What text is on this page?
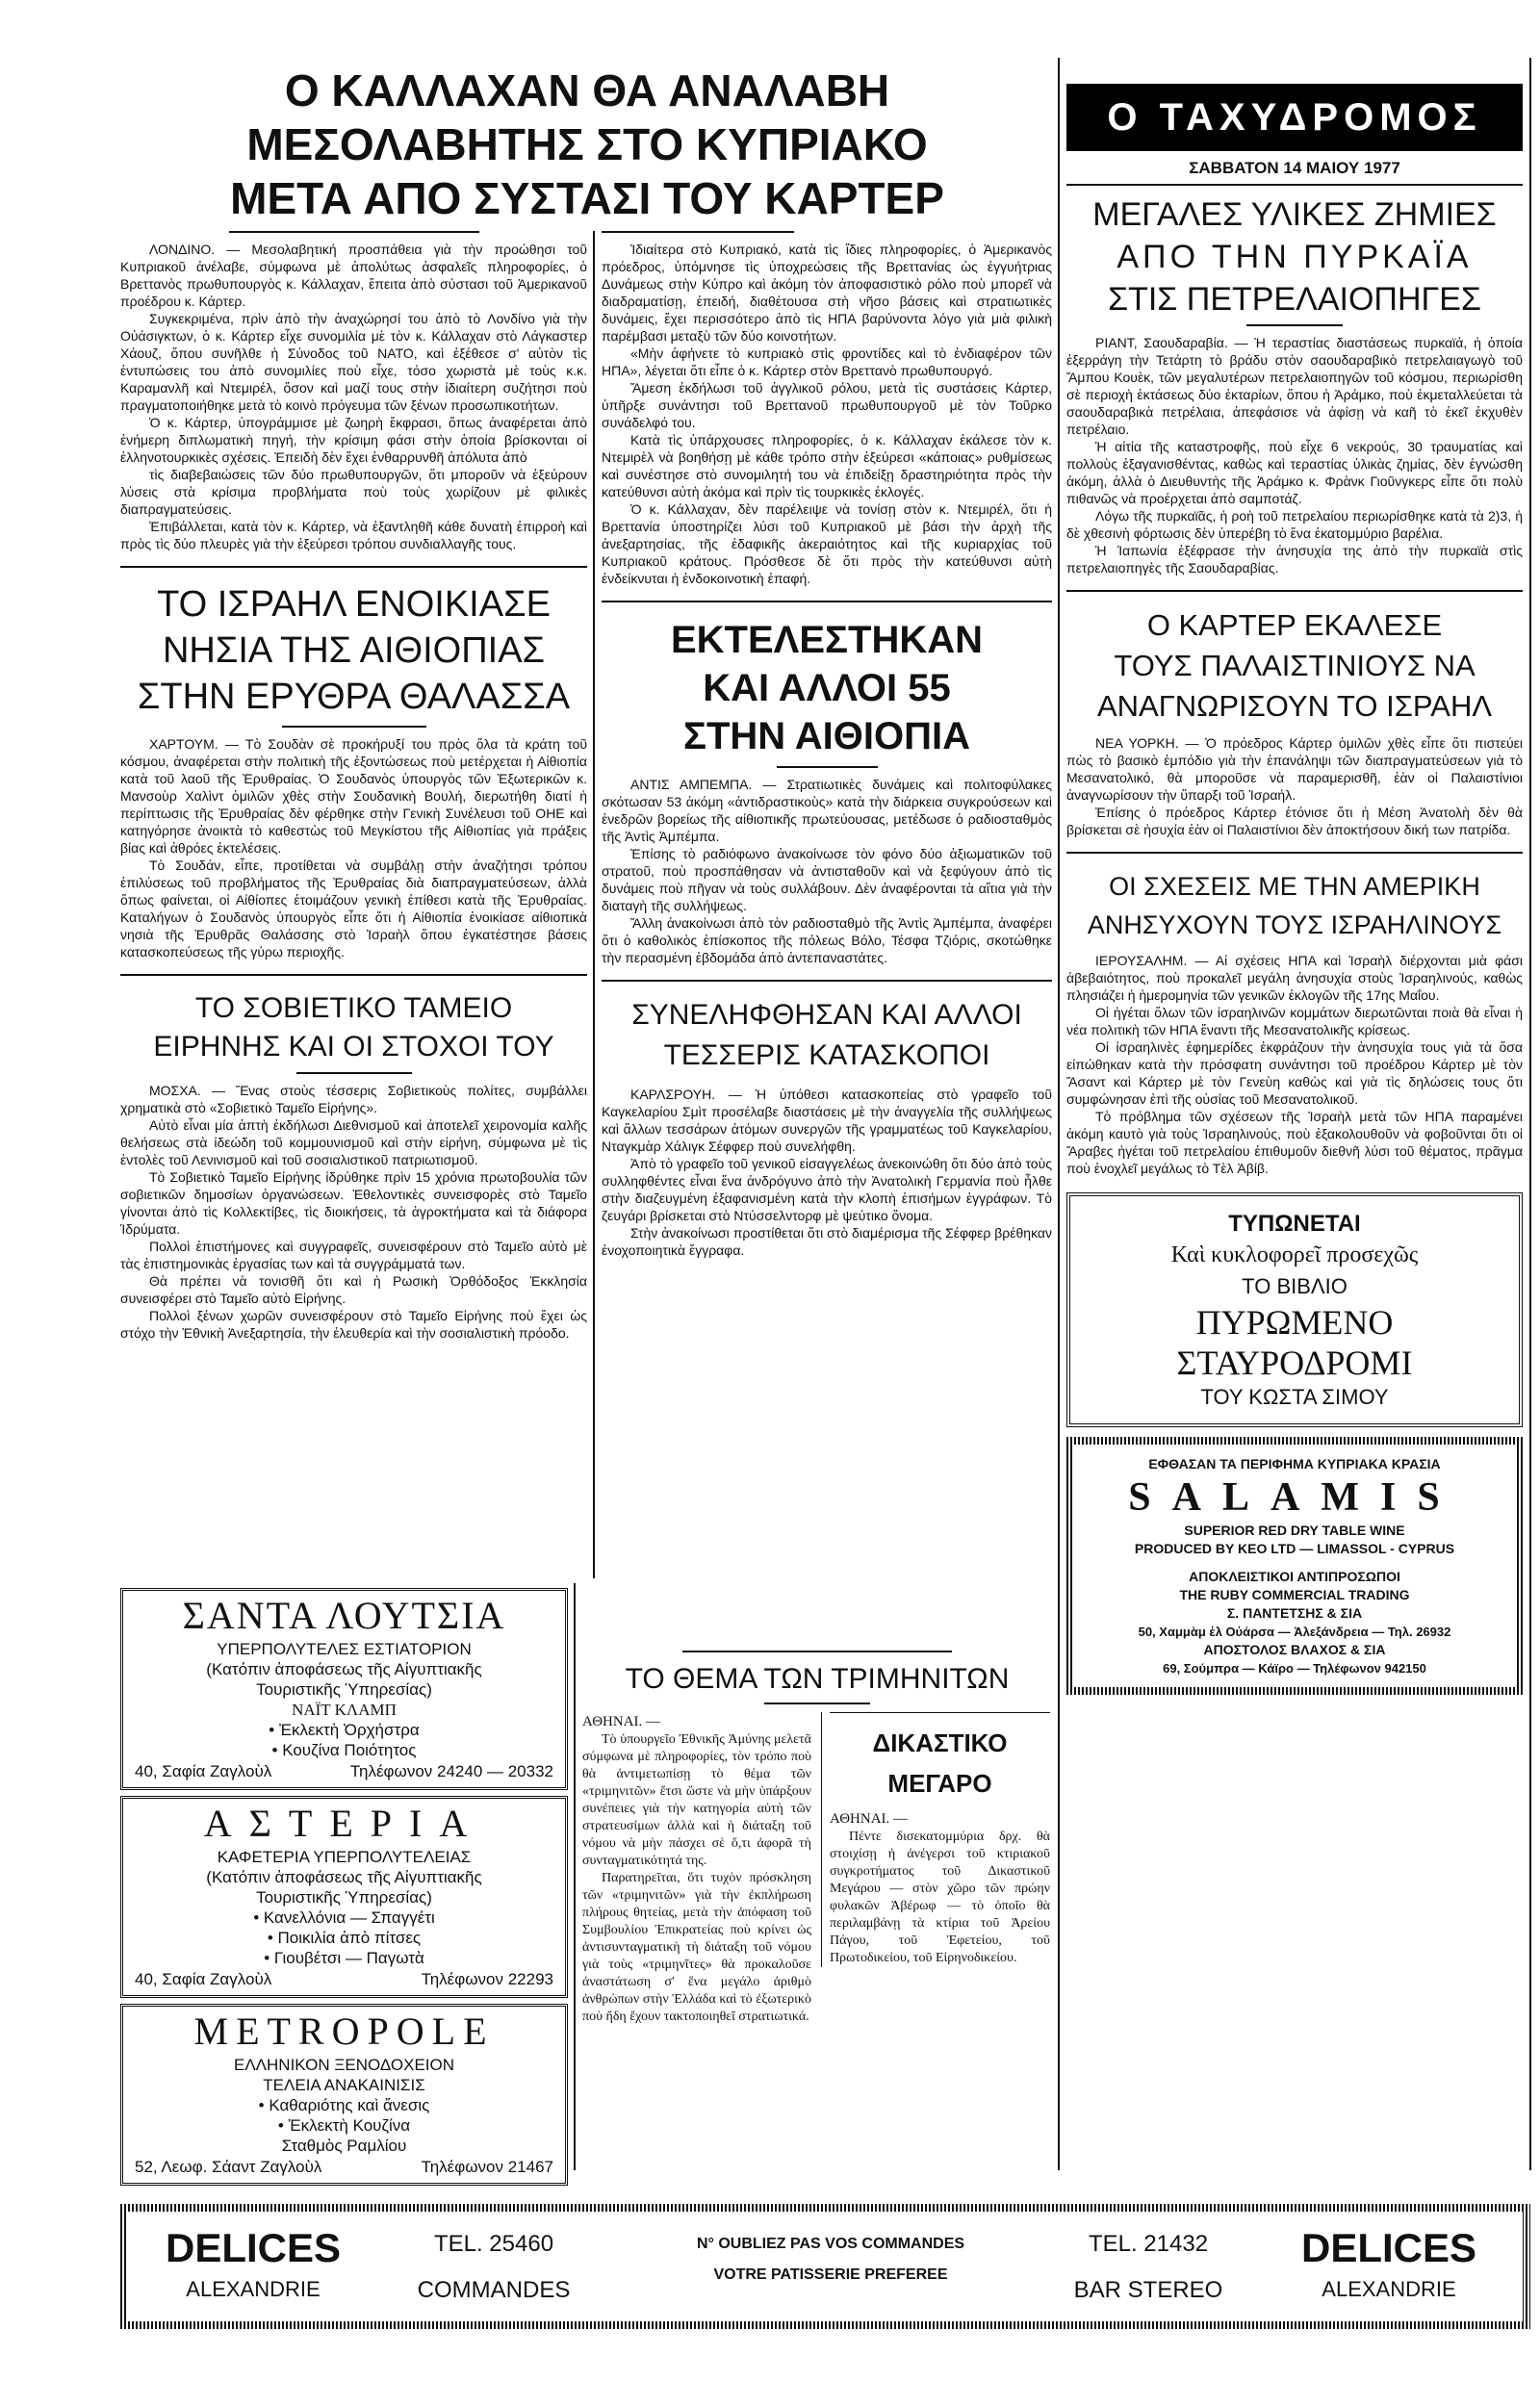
Ο ΚΑΛΛΑΧΑΝ ΘΑ ΑΝΑΛΑΒΗ
ΜΕΣΟΛΑΒΗΤΗΣ ΣΤΟ ΚΥΠΡΙΑΚΟ
ΜΕΤΑ ΑΠΟ ΣΥΣΤΑΣΙ ΤΟΥ ΚΑΡΤΕΡ

ΛΟΝΔΙΝΟ. — Μεσολαβητική προσπάθεια γιὰ τὴν προώθησι τοῦ Κυπριακοῦ ἀνέλαβε, σύμφωνα μὲ ἀπολύτως ἀσφαλεῖς πληροφορίες, ὁ Βρεττανὸς πρωθυπουργὸς κ. Κάλλαχαν, ἔπειτα ἀπὸ σύστασι τοῦ Ἀμερικανοῦ προέδρου κ. Κάρτερ.

Συγκεκριμένα, πρὶν ἀπὸ τὴν ἀναχώρησί του ἀπὸ τὸ Λονδίνο γιὰ τὴν Οὐάσιγκτων, ὁ κ. Κάρτερ εἶχε συνομιλία μὲ τὸν κ. Κάλλαχαν στὸ Λάγκαστερ Χάουζ, ὅπου συνῆλθε ἡ Σύνοδος τοῦ ΝΑΤΟ, καὶ ἐξέθεσε σ' αὐτὸν τὶς ἐντυπώσεις του ἀπὸ συνομιλίες ποὺ εἶχε, τόσο χωριστὰ μὲ τοὺς κ.κ. Καραμανλῆ καὶ Ντεμιρέλ, ὅσον καὶ μαζί τους στὴν ἰδιαίτερη συζήτησι ποὺ πραγματοποιήθηκε μετὰ τὸ κοινὸ πρόγευμα τῶν ξένων προσωπικοτήτων.

Ὁ κ. Κάρτερ, ὑπογράμμισε μὲ ζωηρὴ ἔκφρασι, ὅπως ἀναφέρεται ἀπὸ ἐνήμερη διπλωματικὴ πηγή, τὴν κρίσιμη φάσι στὴν ὁποία βρίσκονται οἱ ἑλληνοτουρκικὲς σχέσεις. Ἐπειδὴ δὲν ἔχει ἐνθαρρυνθῆ ἀπόλυτα ἀπὸ

τὶς διαβεβαιώσεις τῶν δύο πρωθυπουργῶν, ὅτι μποροῦν νὰ ἐξεύρουν λύσεις στὰ κρίσιμα προβλήματα ποὺ τοὺς χωρίζουν μὲ φιλικὲς διαπραγματεύσεις.

Ἐπιβάλλεται, κατὰ τὸν κ. Κάρτερ, νὰ ἐξαντληθῆ κάθε δυνατὴ ἐπιρροὴ καὶ πρὸς τὶς δύο πλευρὲς γιὰ τὴν ἐξεύρεσι τρόπου συνδιαλλαγῆς τους.

ΤΟ ΙΣΡΑΗΛ ΕΝΟΙΚΙΑΣΕ
ΝΗΣΙΑ ΤΗΣ ΑΙΘΙΟΠΙΑΣ
ΣΤΗΝ ΕΡΥΘΡΑ ΘΑΛΑΣΣΑ

ΧΑΡΤΟΥΜ. — Τὸ Σουδὰν σὲ προκήρυξί του πρὸς ὅλα τὰ κράτη τοῦ κόσμου, ἀναφέρεται στὴν πολιτικὴ τῆς ἐξοντώσεως ποὺ μετέρχεται ἡ Αἰθιοπία κατὰ τοῦ λαοῦ τῆς Ἐρυθραίας. Ὁ Σουδανὸς ὑπουργὸς τῶν Ἐξωτερικῶν κ. Μανσοὺρ Χαλὶντ ὁμιλῶν χθὲς στὴν Σουδανικὴ Βουλή, διερωτήθη διατί ἡ περίπτωσις τῆς Ἐρυθραίας δὲν φέρθηκε στὴν Γενικὴ Συνέλευσι τοῦ ΟΗΕ καὶ κατηγόρησε ἀνοικτὰ τὸ καθεστὼς τοῦ Μεγκίστου τῆς Αἰθιοπίας γιὰ πράξεις βίας καὶ ἀθρόες ἐκτελέσεις.

Τὸ Σουδάν, εἶπε, προτίθεται νὰ συμβάλῃ στὴν ἀναζήτησι τρόπου ἐπιλύσεως τοῦ προβλήματος τῆς Ἐρυθραίας διὰ διαπραγματεύσεων, ἀλλὰ ὅπως φαίνεται, οἱ Αἰθίοπες ἑτοιμάζουν γενικὴ ἐπίθεσι κατὰ τῆς Ἐρυθραίας. Καταλήγων ὁ Σουδανὸς ὑπουργὸς εἶπε ὅτι ἡ Αἰθιοπία ἐνοικίασε αἰθιοπικὰ νησιὰ τῆς Ἐρυθρᾶς Θαλάσσης στὸ Ἰσραὴλ ὅπου ἐγκατέστησε βάσεις κατασκοπεύσεως τῆς γύρω περιοχῆς.

ΤΟ ΣΟΒΙΕΤΙΚΟ ΤΑΜΕΙΟ
ΕΙΡΗΝΗΣ ΚΑΙ ΟΙ ΣΤΟΧΟΙ ΤΟΥ

ΜΟΣΧΑ. — Ἕνας στοὺς τέσσερις Σοβιετικοὺς πολίτες, συμβάλλει χρηματικὰ στὸ «Σοβιετικὸ Ταμεῖο Εἰρήνης».

Αὐτὸ εἶναι μία ἀπτὴ ἐκδήλωσι Διεθνισμοῦ καὶ ἀποτελεῖ χειρονομία καλῆς θελήσεως στὰ ἰδεώδη τοῦ κομμουνισμοῦ καὶ στὴν εἰρήνη, σύμφωνα μὲ τὶς ἐντολὲς τοῦ Λενινισμοῦ καὶ τοῦ σοσιαλιστικοῦ πατριωτισμοῦ.

Τὸ Σοβιετικὸ Ταμεῖο Εἰρήνης ἱδρύθηκε πρὶν 15 χρόνια πρωτοβουλία τῶν σοβιετικῶν δημοσίων ὀργανώσεων. Ἐθελοντικὲς συνεισφορὲς στὸ Ταμεῖο γίνονται ἀπὸ τὶς Κολλεκτίβες, τὶς διοικήσεις, τὰ ἀγροκτήματα καὶ τὰ διάφορα Ἱδρύματα.

Πολλοὶ ἐπιστήμονες καὶ συγγραφεῖς, συνεισφέρουν στὸ Ταμεῖο αὐτὸ μὲ τὰς ἐπιστημονικὰς ἐργασίας των καὶ τὰ συγγράμματά των.

Θὰ πρέπει νὰ τονισθῆ ὅτι καὶ ἡ Ρωσικὴ Ὀρθόδοξος Ἐκκλησία συνεισφέρει στὸ Ταμεῖο αὐτὸ Εἰρήνης.

Πολλοὶ ξένων χωρῶν συνεισφέρουν στὸ Ταμεῖο Εἰρήνης ποὺ ἔχει ὡς στόχο τὴν Ἐθνικὴ Ἀνεξαρτησία, τὴν ἐλευθερία καὶ τὴν σοσιαλιστικὴ πρόοδο.

ΣΑΝΤΑ ΛΟΥΤΣΙΑ
ΥΠΕΡΠΟΛΥΤΕΛΕΣ ΕΣΤΙΑΤΟΡΙΟΝ
(Κατόπιν ἀποφάσεως τῆς Αἰγυπτιακῆς
Τουριστικῆς Ὑπηρεσίας)
ΝΑΪΤ ΚΛΑΜΠ
• Ἐκλεκτὴ Ὀρχήστρα
• Κουζίνα Ποιότητος
40, Σαφία Ζαγλοὺλ	Τηλέφωνον 24240 — 20332
ΑΣΤΕΡΙΑ
ΚΑΦΕΤΕΡΙΑ ΥΠΕΡΠΟΛΥΤΕΛΕΙΑΣ
(Κατόπιν ἀποφάσεως τῆς Αἰγυπτιακῆς
Τουριστικῆς Ὑπηρεσίας)
• Κανελλόνια — Σπαγγέτι
• Ποικιλία ἀπὸ πίτσες
• Γιουβέτσι — Παγωτὰ
40, Σαφία Ζαγλοὺλ	Τηλέφωνον 22293
METROPOLE
ΕΛΛΗΝΙΚΟΝ ΞΕΝΟΔΟΧΕΙΟΝ
ΤΕΛΕΙΑ ΑΝΑΚΑΙΝΙΣΙΣ
• Καθαριότης καὶ ἄνεσις
• Ἐκλεκτὴ Κουζίνα
Σταθμὸς Ραμλίου
52, Λεωφ. Σάαντ Ζαγλοὺλ	Τηλέφωνον 21467

Ἰδιαίτερα στὸ Κυπριακό, κατὰ τὶς ἴδιες πληροφορίες, ὁ Ἀμερικανὸς πρόεδρος, ὑπόμνησε τὶς ὑποχρεώσεις τῆς Βρεττανίας ὡς ἐγγυήτριας Δυνάμεως στὴν Κύπρο καὶ ἀκόμη τὸν ἀποφασιστικὸ ρόλο ποὺ μπορεῖ νὰ διαδραματίσῃ, ἐπειδή, διαθέτουσα στὴ νῆσο βάσεις καὶ στρατιωτικὲς δυνάμεις, ἔχει περισσότερο ἀπὸ τὶς ΗΠΑ βαρύνοντα λόγο γιὰ μιὰ φιλικὴ παρέμβασι μεταξὺ τῶν δύο κοινοτήτων.

«Μὴν ἀφήνετε τὸ κυπριακὸ στὶς φροντίδες καὶ τὸ ἐνδιαφέρον τῶν ΗΠΑ», λέγεται ὅτι εἶπε ὁ κ. Κάρτερ στὸν Βρεττανὸ πρωθυπουργό.

Ἄμεση ἐκδήλωσι τοῦ ἀγγλικοῦ ρόλου, μετὰ τὶς συστάσεις Κάρτερ, ὑπῆρξε συνάντησι τοῦ Βρεττανοῦ πρωθυπουργοῦ μὲ τὸν Τοῦρκο συνάδελφό του.

Κατὰ τὶς ὑπάρχουσες πληροφορίες, ὁ κ. Κάλλαχαν ἐκάλεσε τὸν κ. Ντεμιρὲλ νὰ βοηθήσῃ μὲ κάθε τρόπο στὴν ἐξεύρεσι «κάποιας» ρυθμίσεως καὶ συνέστησε στὸ συνομιλητή του νὰ ἐπιδείξῃ δραστηριότητα πρὸς τὴν κατεύθυνσι αὐτὴ ἀκόμα καὶ πρὶν τὶς τουρκικὲς ἐκλογές.

Ὁ κ. Κάλλαχαν, δὲν παρέλειψε νὰ τονίσῃ στὸν κ. Ντεμιρέλ, ὅτι ἡ Βρεττανία ὑποστηρίζει λύσι τοῦ Κυπριακοῦ μὲ βάσι τὴν ἀρχὴ τῆς ἀνεξαρτησίας, τῆς ἐδαφικῆς ἀκεραιότητος καὶ τῆς κυριαρχίας τοῦ Κυπριακοῦ κράτους. Πρόσθεσε δὲ ὅτι πρὸς τὴν κατεύθυνσι αὐτὴ ἐνδείκνυται ἡ ἐνδοκοινοτικὴ ἐπαφή.

ΕΚΤΕΛΕΣΤΗΚΑΝ
ΚΑΙ ΑΛΛΟΙ 55
ΣΤΗΝ ΑΙΘΙΟΠΙΑ

ΑΝΤΙΣ ΑΜΠΕΜΠΑ. — Στρατιωτικὲς δυνάμεις καὶ πολιτοφύλακες σκότωσαν 53 ἀκόμη «ἀντιδραστικοὺς» κατὰ τὴν διάρκεια συγκρούσεων καὶ ἐνεδρῶν βορείως τῆς αἰθιοπικῆς πρωτεύουσας, μετέδωσε ὁ ραδιοσταθμὸς τῆς Ἀντὶς Ἀμπέμπα.

Ἐπίσης τὸ ραδιόφωνο ἀνακοίνωσε τὸν φόνο δύο ἀξιωματικῶν τοῦ στρατοῦ, ποὺ προσπάθησαν νὰ ἀντισταθοῦν καὶ νὰ ξεφύγουν ἀπὸ τὶς δυνάμεις ποὺ πῆγαν νὰ τοὺς συλλάβουν. Δὲν ἀναφέρονται τὰ αἴτια γιὰ τὴν διαταγὴ τῆς συλλήψεως.

Ἄλλη ἀνακοίνωσι ἀπὸ τὸν ραδιοσταθμὸ τῆς Ἀντὶς Ἀμπέμπα, ἀναφέρει ὅτι ὁ καθολικὸς ἐπίσκοπος τῆς πόλεως Βόλο, Τέσφα Τζιόρις, σκοτώθηκε τὴν περασμένη ἑβδομάδα ἀπὸ ἀντεπαναστάτες.

ΣΥΝΕΛΗΦΘΗΣΑΝ ΚΑΙ ΑΛΛΟΙ
ΤΕΣΣΕΡΙΣ ΚΑΤΑΣΚΟΠΟΙ

ΚΑΡΛΣΡΟΥΗ. — Ἡ ὑπόθεσι κατασκοπείας στὸ γραφεῖο τοῦ Καγκελαρίου Σμὶτ προσέλαβε διαστάσεις μὲ τὴν ἀναγγελία τῆς συλλήψεως καὶ ἄλλων τεσσάρων ἀτόμων συνεργῶν τῆς γραμματέως τοῦ Καγκελαρίου, Νταγκμὰρ Χάλιγκ Σέφφερ ποὺ συνελήφθη.

Ἀπὸ τὸ γραφεῖο τοῦ γενικοῦ εἰσαγγελέως ἀνεκοινώθη ὅτι δύο ἀπὸ τοὺς συλληφθέντες εἶναι ἕνα ἀνδρόγυνο ἀπὸ τὴν Ἀνατολικὴ Γερμανία ποὺ ἦλθε στὴν διαζευγμένη ἐξαφανισμένη κατὰ τὴν κλοπὴ ἐπισήμων ἐγγράφων. Τὸ ζευγάρι βρίσκεται στὸ Ντύσσελντορφ μὲ ψεύτικο ὄνομα.

Στὴν ἀνακοίνωσι προστίθεται ὅτι στὸ διαμέρισμα τῆς Σέφφερ βρέθηκαν ἐνοχοποιητικὰ ἔγγραφα.

ΤΟ ΘΕΜΑ ΤΩΝ ΤΡΙΜΗΝΙΤΩΝ
ΑΘΗΝΑΙ. —

Τὸ ὑπουργεῖο Ἐθνικῆς Ἀμύνης μελετᾶ σύμφωνα μὲ πληροφορίες, τὸν τρόπο ποὺ θὰ ἀντιμετωπίσῃ τὸ θέμα τῶν «τριμηνιτῶν» ἔτσι ὥστε νὰ μὴν ὑπάρξουν συνέπειες γιὰ τὴν κατηγορία αὐτὴ τῶν στρατευσίμων ἀλλὰ καὶ ἡ διάταξη τοῦ νόμου νὰ μὴν πάσχει σὲ ὅ,τι ἀφορᾶ τὴ συνταγματικότητά της.

Παρατηρεῖται, ὅτι τυχὸν πρόσκληση τῶν «τριμηνιτῶν» γιὰ τὴν ἐκπλήρωση πλήρους θητείας, μετὰ τὴν ἀπόφαση τοῦ Συμβουλίου Ἐπικρατείας ποὺ κρίνει ὡς ἀντισυνταγματικὴ τὴ διάταξη τοῦ νόμου γιὰ τοὺς «τριμηνῖτες» θὰ προκαλοῦσε ἀναστάτωση σ' ἕνα μεγάλο ἀριθμὸ ἀνθρώπων στὴν Ἑλλάδα καὶ τὸ ἐξωτερικὸ ποὺ ἤδη ἔχουν τακτοποιηθεῖ στρατιωτικά.

ΔΙΚΑΣΤΙΚΟ
ΜΕΓΑΡΟ
ΑΘΗΝΑΙ. —

Πέντε δισεκατομμύρια δρχ. θὰ στοιχίσῃ ἡ ἀνέγερσι τοῦ κτιριακοῦ συγκροτήματος τοῦ Δικαστικοῦ Μεγάρου — στὸν χῶρο τῶν πρώην φυλακῶν Ἀβέρωφ — τὸ ὁποῖο θὰ περιλαμβάνῃ τὰ κτίρια τοῦ Ἀρείου Πάγου, τοῦ Ἐφετείου, τοῦ Πρωτοδικείου, τοῦ Εἰρηνοδικείου.

Ο ΤΑΧΥΔΡΟΜΟΣ
ΣΑΒΒΑΤΟΝ 14 ΜΑΙΟΥ 1977
ΜΕΓΑΛΕΣ ΥΛΙΚΕΣ ΖΗΜΙΕΣ
ΑΠΟ ΤΗΝ ΠΥΡΚΑΪΑ
ΣΤΙΣ ΠΕΤΡΕΛΑΙΟΠΗΓΕΣ

ΡΙΑΝΤ, Σαουδαραβία. — Ἡ τεραστίας διαστάσεως πυρκαϊά, ἡ ὁποία ἐξερράγη τὴν Τετάρτη τὸ βράδυ στὸν σαουδαραβικὸ πετρελαιαγωγὸ τοῦ Ἄμπου Κουὲκ, τῶν μεγαλυτέρων πετρελαιοπηγῶν τοῦ κόσμου, περιωρίσθη σὲ περιοχὴ ἐκτάσεως δύο ἐκταρίων, ὅπου ἡ Ἀράμκο, ποὺ ἐκμεταλλεύεται τὰ σαουδαραβικὰ πετρέλαια, ἀπεφάσισε νὰ ἀφίσῃ νὰ καῆ τὸ ἐκεῖ ἐκχυθὲν πετρέλαιο.

Ἡ αἰτία τῆς καταστροφῆς, ποὺ εἶχε 6 νεκρούς, 30 τραυματίας καὶ πολλοὺς ἐξαγανισθέντας, καθὼς καὶ τεραστίας ὑλικὰς ζημίας, δὲν ἐγνώσθη ἀκόμη, ἀλλὰ ὁ Διευθυντὴς τῆς Ἀράμκο κ. Φρὰνκ Γιοῦνγκερς εἶπε ὅτι πολὺ πιθανῶς νὰ προέρχεται ἀπὸ σαμποτάζ.

Λόγω τῆς πυρκαϊᾶς, ἡ ροὴ τοῦ πετρελαίου περιωρίσθηκε κατὰ τὰ 2)3, ἡ δὲ χθεσινὴ φόρτωσις δὲν ὑπερέβη τὸ ἕνα ἑκατομμύριο βαρέλια.

Ἡ Ἰαπωνία ἐξέφρασε τὴν ἀνησυχία της ἀπὸ τὴν πυρκαϊὰ στὶς πετρελαιοπηγὲς τῆς Σαουδαραβίας.

Ο ΚΑΡΤΕΡ ΕΚΑΛΕΣΕ
ΤΟΥΣ ΠΑΛΑΙΣΤΙΝΙΟΥΣ ΝΑ
ΑΝΑΓΝΩΡΙΣΟΥΝ ΤΟ ΙΣΡΑΗΛ

ΝΕΑ ΥΟΡΚΗ. — Ὁ πρόεδρος Κάρτερ ὁμιλῶν χθὲς εἶπε ὅτι πιστεύει πὼς τὸ βασικὸ ἐμπόδιο γιὰ τὴν ἐπανάληψι τῶν διαπραγματεύσεων γιὰ τὸ Μεσανατολικό, θὰ μποροῦσε νὰ παραμερισθῆ, ἐὰν οἱ Παλαιστίνιοι ἀναγνωρίσουν τὴν ὕπαρξι τοῦ Ἰσραήλ.

Ἐπίσης ὁ πρόεδρος Κάρτερ ἐτόνισε ὅτι ἡ Μέση Ἀνατολὴ δὲν θὰ βρίσκεται σὲ ἡσυχία ἐὰν οἱ Παλαιστίνιοι δὲν ἀποκτήσουν δική των πατρίδα.

ΟΙ ΣΧΕΣΕΙΣ ΜΕ ΤΗΝ ΑΜΕΡΙΚΗ
ΑΝΗΣΥΧΟΥΝ ΤΟΥΣ ΙΣΡΑΗΛΙΝΟΥΣ

ΙΕΡΟΥΣΑΛΗΜ. — Αἱ σχέσεις ΗΠΑ καὶ Ἰσραὴλ διέρχονται μιὰ φάσι ἀβεβαιότητος, ποὺ προκαλεῖ μεγάλη ἀνησυχία στοὺς Ἰσραηλινούς, καθὼς πλησιάζει ἡ ἡμερομηνία τῶν γενικῶν ἐκλογῶν τῆς 17ης Μαΐου.

Οἱ ἡγέται ὅλων τῶν ἰσραηλινῶν κομμάτων διερωτῶνται ποιὰ θὰ εἶναι ἡ νέα πολιτικὴ τῶν ΗΠΑ ἔναντι τῆς Μεσανατολικῆς κρίσεως.

Οἱ ἰσραηλινὲς ἐφημερίδες ἐκφράζουν τὴν ἀνησυχία τους γιὰ τὰ ὅσα εἰπώθηκαν κατὰ τὴν πρόσφατη συνάντησι τοῦ προέδρου Κάρτερ μὲ τὸν Ἄσαντ καὶ Κάρτερ μὲ τὸν Γενεὺη καθὼς καὶ γιὰ τὶς δηλώσεις τους ὅτι συμφώνησαν ἐπὶ τῆς οὐσίας τοῦ Μεσανατολικοῦ.

Τὸ πρόβλημα τῶν σχέσεων τῆς Ἰσραὴλ μετὰ τῶν ΗΠΑ παραμένει ἀκόμη καυτὸ γιὰ τοὺς Ἰσραηλινούς, ποὺ ἐξακολουθοῦν νὰ φοβοῦνται ὅτι οἱ Ἄραβες ἡγέται τοῦ πετρελαίου ἐπιθυμοῦν διεθνῆ λύσι τοῦ θέματος, πρᾶγμα ποὺ ἐνοχλεῖ μεγάλως τὸ Τὲλ Ἀβίβ.

ΤΥΠΩΝΕΤΑΙ
Καὶ κυκλοφορεῖ προσεχῶς
ΤΟ ΒΙΒΛΙΟ
ΠΥΡΩΜΕΝΟ
ΣΤΑΥΡΟΔΡΟΜΙ
ΤΟΥ ΚΩΣΤΑ ΣΙΜΟΥ
ΕΦΘΑΣΑΝ ΤΑ ΠΕΡΙΦΗΜΑ ΚΥΠΡΙΑΚΑ ΚΡΑΣΙΑ
SALAMIS
SUPERIOR RED DRY TABLE WINE
PRODUCED BY KEO LTD — LIMASSOL - CYPRUS
ΑΠΟΚΛΕΙΣΤΙΚΟΙ ΑΝΤΙΠΡΟΣΩΠΟΙ
THE RUBY COMMERCIAL TRADING
Σ. ΠΑΝΤΕΤΣΗΣ & ΣΙΑ
50, Χαμμὰμ ἐλ Οὐάρσα — Ἀλεξάνδρεια — Τηλ. 26932
ΑΠΟΣΤΟΛΟΣ ΒΛΑΧΟΣ & ΣΙΑ
69, Σούμπρα — Κάϊρο — Τηλέφωνον 942150
DELICES
ALEXANDRIE
TEL. 25460
COMMANDES
N° OUBLIEZ PAS VOS COMMANDES
VOTRE PATISSERIE PREFEREE
TEL. 21432
BAR STEREO
DELICES
ALEXANDRIE
